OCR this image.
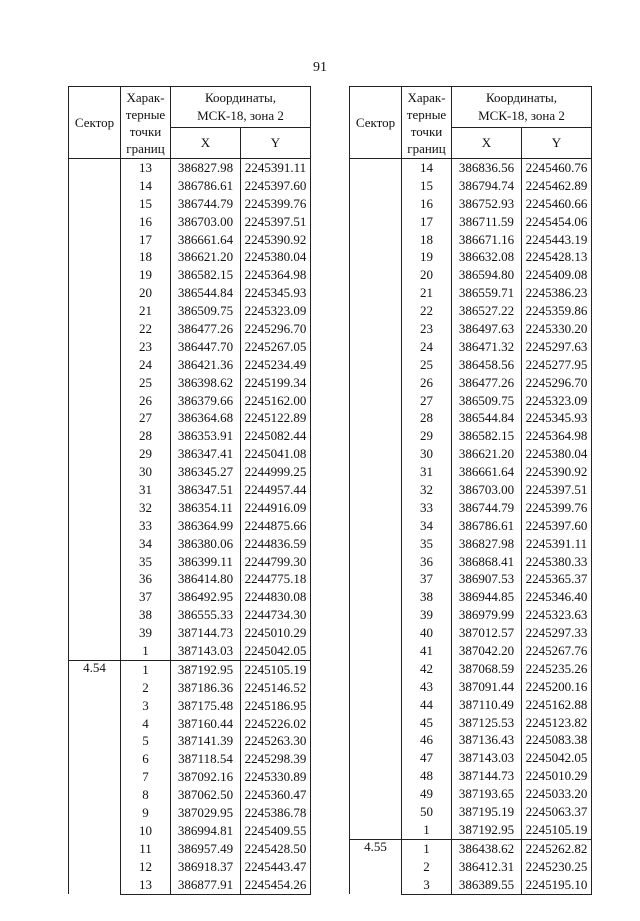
91
Сектор	Харак-
терные
точки
границ	Координаты, МСК-18, зона 2	
		X	Y
	13	386827.98	2245391.11
	14	386786.61	2245397.60
	15	386744.79	2245399.76
	16	386703.00	2245397.51
	17	386661.64	2245390.92
	18	386621.20	2245380.04
	19	386582.15	2245364.98
	20	386544.84	2245345.93
	21	386509.75	2245323.09
	22	386477.26	2245296.70
	23	386447.70	2245267.05
	24	386421.36	2245234.49
	25	386398.62	2245199.34
	26	386379.66	2245162.00
	27	386364.68	2245122.89
	28	386353.91	2245082.44
	29	386347.41	2245041.08
	30	386345.27	2244999.25
	31	386347.51	2244957.44
	32	386354.11	2244916.09
	33	386364.99	2244875.66
	34	386380.06	2244836.59
	35	386399.11	2244799.30
	36	386414.80	2244775.18
	37	386492.95	2244830.08
	38	386555.33	2244734.30
	39	387144.73	2245010.29
	1	387143.03	2245042.05
4.54	1	387192.95	2245105.19
	2	387186.36	2245146.52
	3	387175.48	2245186.95
	4	387160.44	2245226.02
	5	387141.39	2245263.30
	6	387118.54	2245298.39
	7	387092.16	2245330.89
	8	387062.50	2245360.47
	9	387029.95	2245386.78
	10	386994.81	2245409.55
	11	386957.49	2245428.50
	12	386918.37	2245443.47
	13	386877.91	2245454.26
Сектор	Харак-
терные
точки
границ	Координаты, МСК-18, зона 2	
		X	Y
	14	386836.56	2245460.76
	15	386794.74	2245462.89
	16	386752.93	2245460.66
	17	386711.59	2245454.06
	18	386671.16	2245443.19
	19	386632.08	2245428.13
	20	386594.80	2245409.08
	21	386559.71	2245386.23
	22	386527.22	2245359.86
	23	386497.63	2245330.20
	24	386471.32	2245297.63
	25	386458.56	2245277.95
	26	386477.26	2245296.70
	27	386509.75	2245323.09
	28	386544.84	2245345.93
	29	386582.15	2245364.98
	30	386621.20	2245380.04
	31	386661.64	2245390.92
	32	386703.00	2245397.51
	33	386744.79	2245399.76
	34	386786.61	2245397.60
	35	386827.98	2245391.11
	36	386868.41	2245380.33
	37	386907.53	2245365.37
	38	386944.85	2245346.40
	39	386979.99	2245323.63
	40	387012.57	2245297.33
	41	387042.20	2245267.76
	42	387068.59	2245235.26
	43	387091.44	2245200.16
	44	387110.49	2245162.88
	45	387125.53	2245123.82
	46	387136.43	2245083.38
	47	387143.03	2245042.05
	48	387144.73	2245010.29
	49	387193.65	2245033.20
	50	387195.19	2245063.37
	1	387192.95	2245105.19
4.55	1	386438.62	2245262.82
	2	386412.31	2245230.25
	3	386389.55	2245195.10
